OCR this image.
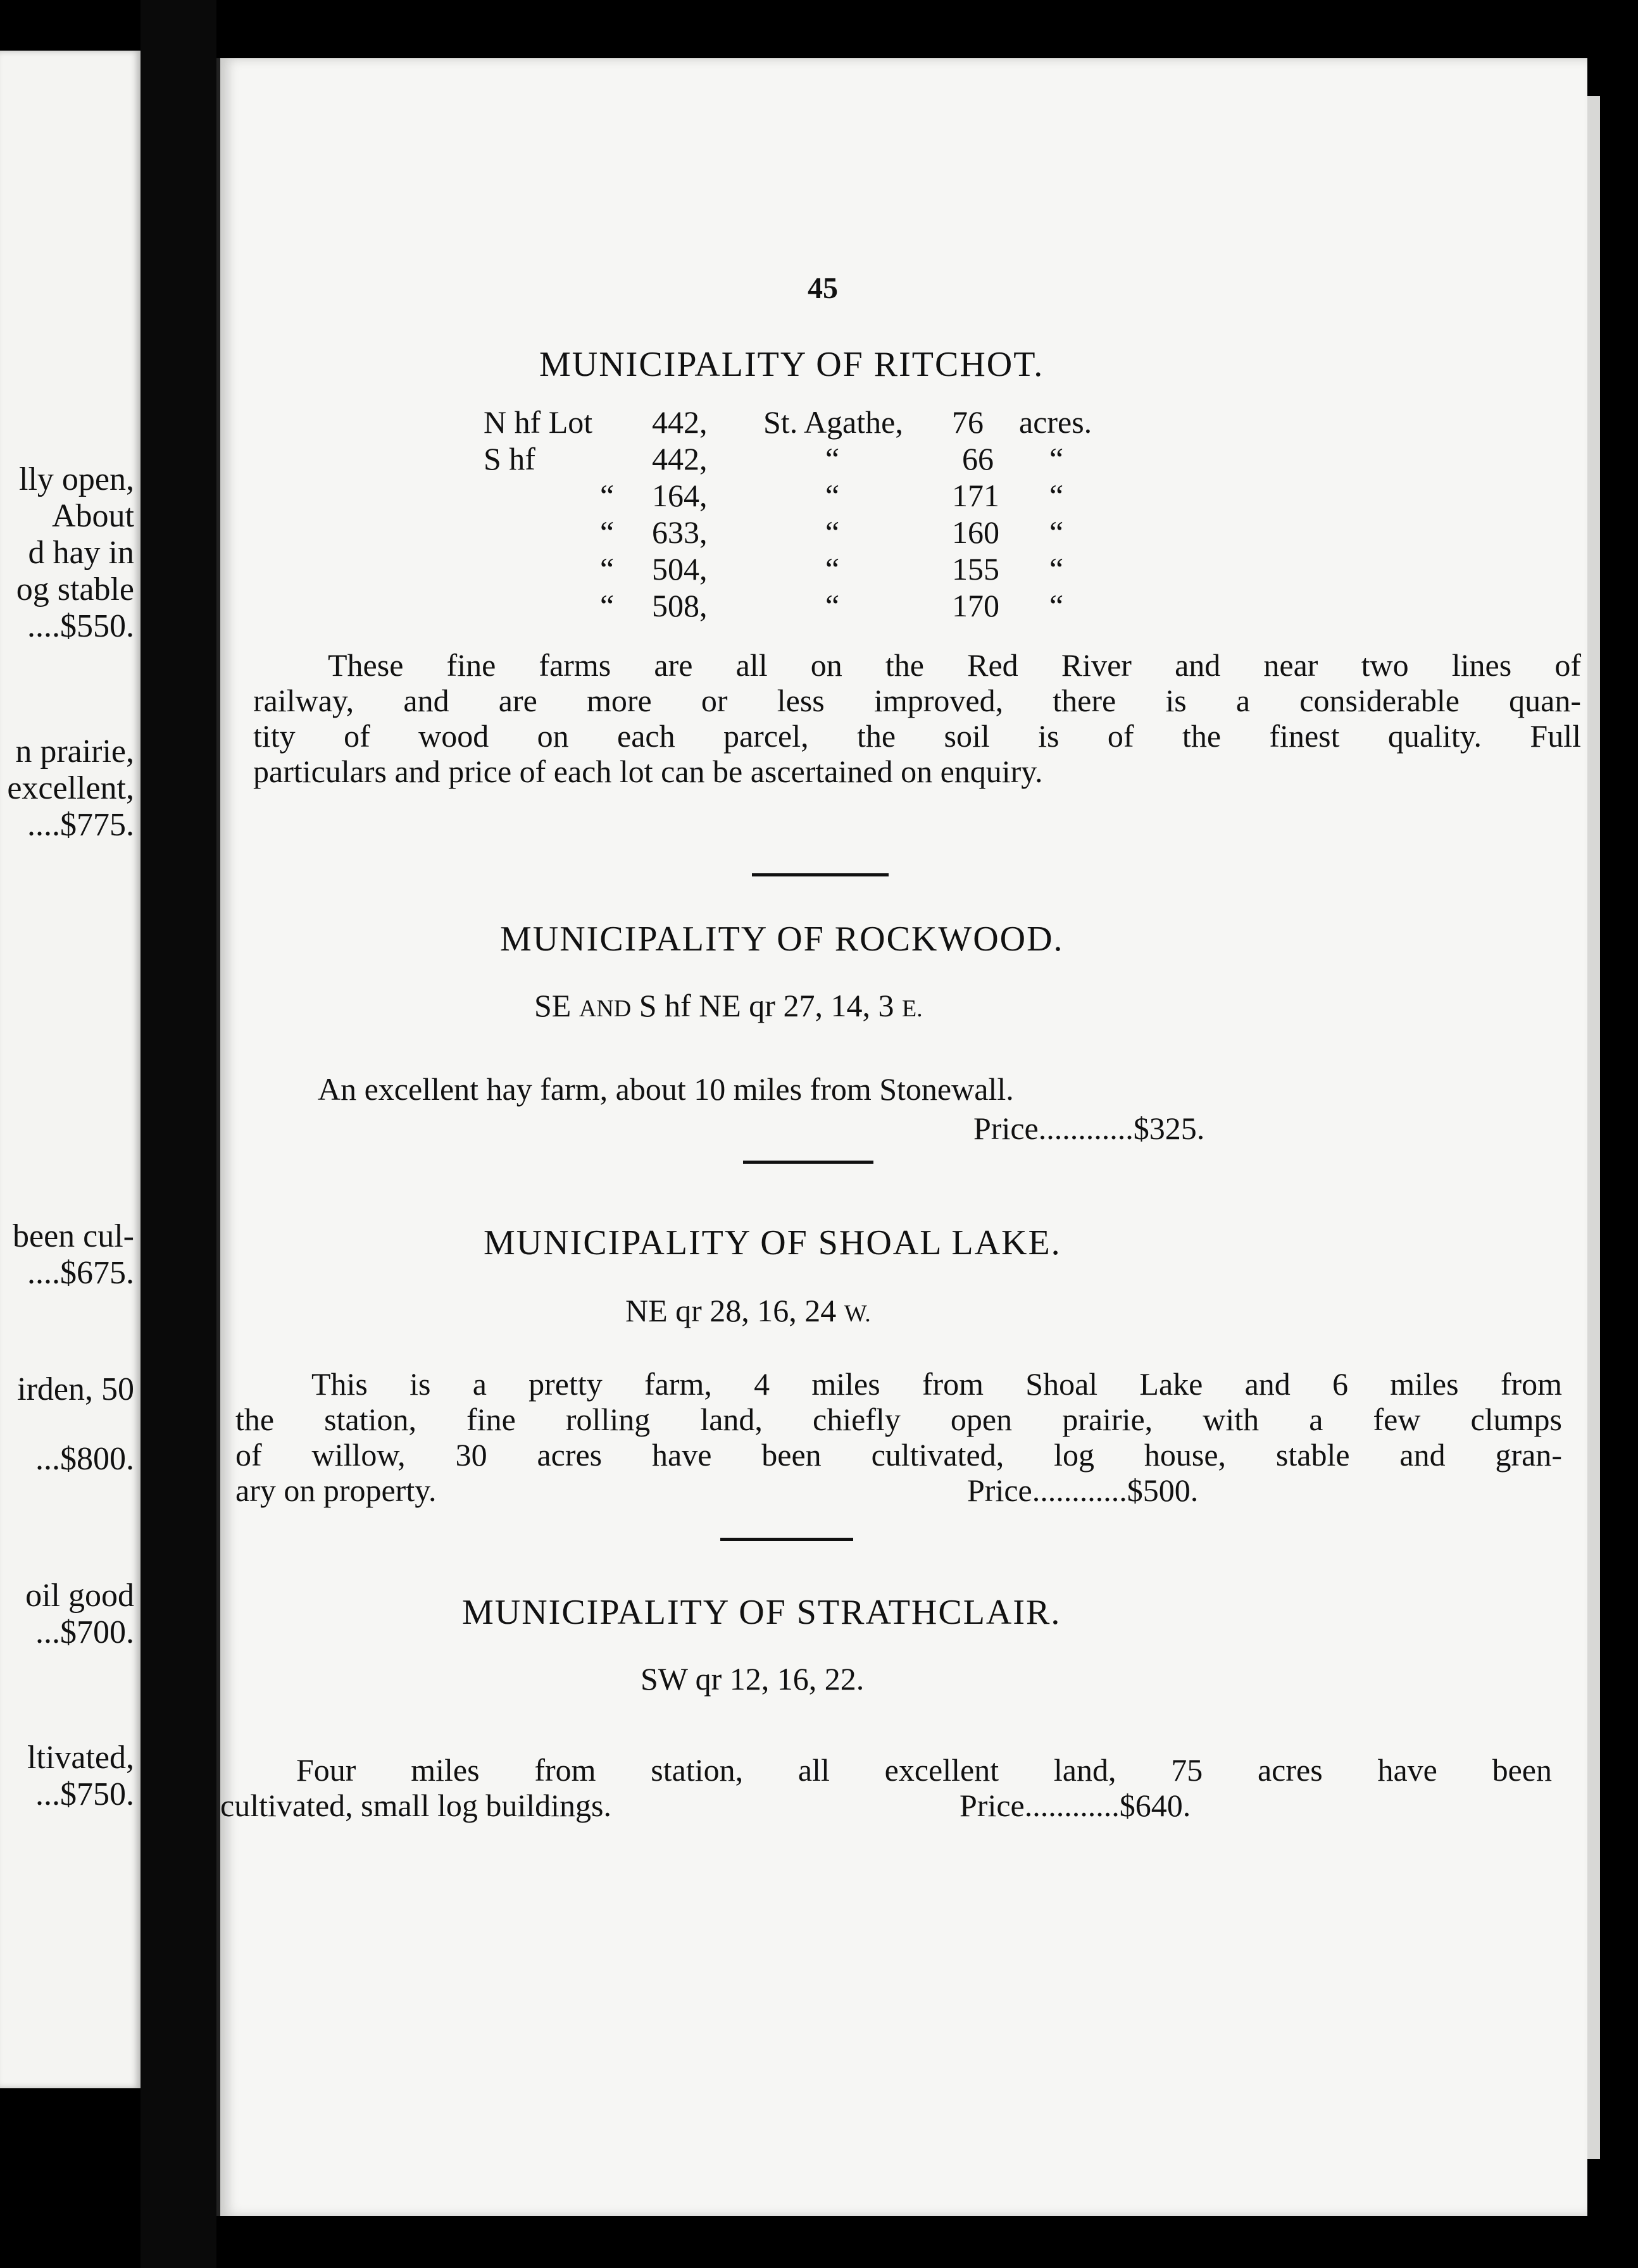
lly open,
About
d hay in
og stable
....$550.
n prairie,
excellent,
....$775.
been cul-
....$675.
irden, 50
...$800.
oil good
...$700.
ltivated,
...$750.
45
MUNICIPALITY OF RITCHOT.
N hf Lot 442, St. Agathe, 76 acres.
S hf	442,	“	66 “
“ 164,	“	171 “
“ 633,	“	160 “
“ 504,	“	155 “
“ 508,	“	170 “
These fine farms are all on the Red River and near two lines of
railway, and are more or less improved, there is a considerable quan-
tity of wood on each parcel, the soil is of the finest quality. Full
particulars and price of each lot can be ascertained on enquiry.
MUNICIPALITY OF ROCKWOOD.
SE AND S hf NE qr 27, 14, 3 E.
An excellent hay farm, about 10 miles from Stonewall.
Price............$325.
MUNICIPALITY OF SHOAL LAKE.
NE qr 28, 16, 24 W.
This is a pretty farm, 4 miles from Shoal Lake and 6 miles from
the station, fine rolling land, chiefly open prairie, with a few clumps
of willow, 30 acres have been cultivated, log house, stable and gran-
ary on property.	Price............$500.
MUNICIPALITY OF STRATHCLAIR.
SW qr 12, 16, 22.
Four miles from station, all excellent land, 75 acres have been
cultivated, small log buildings.	Price............$640.
